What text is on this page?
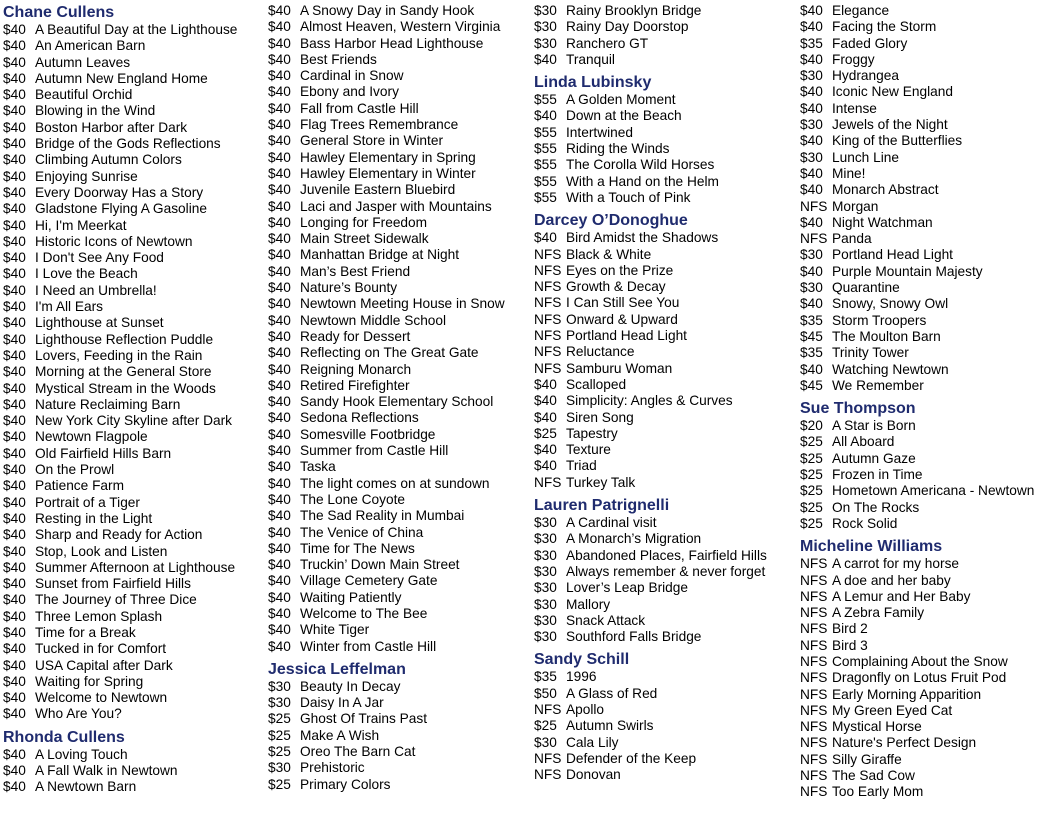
Chane Cullens
$40 A Beautiful Day at the Lighthouse
$40 An American Barn
$40 Autumn Leaves
$40 Autumn New England Home
$40 Beautiful Orchid
$40 Blowing in the Wind
$40 Boston Harbor after Dark
$40 Bridge of the Gods Reflections
$40 Climbing Autumn Colors
$40 Enjoying Sunrise
$40 Every Doorway Has a Story
$40 Gladstone Flying A Gasoline
$40 Hi, I'm Meerkat
$40 Historic Icons of Newtown
$40 I Don't See Any Food
$40 I Love the Beach
$40 I Need an Umbrella!
$40 I'm All Ears
$40 Lighthouse at Sunset
$40 Lighthouse Reflection Puddle
$40 Lovers, Feeding in the Rain
$40 Morning at the General Store
$40 Mystical Stream in the Woods
$40 Nature Reclaiming Barn
$40 New York City Skyline after Dark
$40 Newtown Flagpole
$40 Old Fairfield Hills Barn
$40 On the Prowl
$40 Patience Farm
$40 Portrait of a Tiger
$40 Resting in the Light
$40 Sharp and Ready for Action
$40 Stop, Look and Listen
$40 Summer Afternoon at Lighthouse
$40 Sunset from Fairfield Hills
$40 The Journey of Three Dice
$40 Three Lemon Splash
$40 Time for a Break
$40 Tucked in for Comfort
$40 USA Capital after Dark
$40 Waiting for Spring
$40 Welcome to Newtown
$40 Who Are You?
Rhonda Cullens
$40 A Loving Touch
$40 A Fall Walk in Newtown
$40 A Newtown Barn
$40 A Snowy Day in Sandy Hook
$40 Almost Heaven, Western Virginia
$40 Bass Harbor Head Lighthouse
$40 Best Friends
$40 Cardinal in Snow
$40 Ebony and Ivory
$40 Fall from Castle Hill
$40 Flag Trees Remembrance
$40 General Store in Winter
$40 Hawley Elementary in Spring
$40 Hawley Elementary in Winter
$40 Juvenile Eastern Bluebird
$40 Laci and Jasper with Mountains
$40 Longing for Freedom
$40 Main Street Sidewalk
$40 Manhattan Bridge at Night
$40 Man’s Best Friend
$40 Nature’s Bounty
$40 Newtown Meeting House in Snow
$40 Newtown Middle School
$40 Ready for Dessert
$40 Reflecting on The Great Gate
$40 Reigning Monarch
$40 Retired Firefighter
$40 Sandy Hook Elementary School
$40 Sedona Reflections
$40 Somesville Footbridge
$40 Summer from Castle Hill
$40 Taska
$40 The light comes on at sundown
$40 The Lone Coyote
$40 The Sad Reality in Mumbai
$40 The Venice of China
$40 Time for The News
$40 Truckin’ Down Main Street
$40 Village Cemetery Gate
$40 Waiting Patiently
$40 Welcome to The Bee
$40 White Tiger
$40 Winter from Castle Hill
Jessica Leffelman
$30 Beauty In Decay
$30 Daisy In A Jar
$25 Ghost Of Trains Past
$25 Make A Wish
$25 Oreo The Barn Cat
$30 Prehistoric
$25 Primary Colors
$30 Rainy Brooklyn Bridge
$30 Rainy Day Doorstop
$30 Ranchero GT
$40 Tranquil
Linda Lubinsky
$55 A Golden Moment
$40 Down at the Beach
$55 Intertwined
$55 Riding the Winds
$55 The Corolla Wild Horses
$55 With a Hand on the Helm
$55 With a Touch of Pink
Darcey O’Donoghue
$40 Bird Amidst the Shadows
NFS Black & White
NFS Eyes on the Prize
NFS Growth & Decay
NFS I Can Still See You
NFS Onward & Upward
NFS Portland Head Light
NFS Reluctance
NFS Samburu Woman
$40 Scalloped
$40 Simplicity: Angles & Curves
$40 Siren Song
$25 Tapestry
$40 Texture
$40 Triad
NFS Turkey Talk
Lauren Patrignelli
$30 A Cardinal visit
$30 A Monarch’s Migration
$30 Abandoned Places, Fairfield Hills
$30 Always remember & never forget
$30 Lover’s Leap Bridge
$30 Mallory
$30 Snack Attack
$30 Southford Falls Bridge
Sandy Schill
$35 1996
$50 A Glass of Red
NFS Apollo
$25 Autumn Swirls
$30 Cala Lily
NFS Defender of the Keep
NFS Donovan
$40 Elegance
$40 Facing the Storm
$35 Faded Glory
$40 Froggy
$30 Hydrangea
$40 Iconic New England
$40 Intense
$30 Jewels of the Night
$40 King of the Butterflies
$30 Lunch Line
$40 Mine!
$40 Monarch Abstract
NFS Morgan
$40 Night Watchman
NFS Panda
$30 Portland Head Light
$40 Purple Mountain Majesty
$30 Quarantine
$40 Snowy, Snowy Owl
$35 Storm Troopers
$45 The Moulton Barn
$35 Trinity Tower
$40 Watching Newtown
$45 We Remember
Sue Thompson
$20 A Star is Born
$25 All Aboard
$25 Autumn Gaze
$25 Frozen in Time
$25 Hometown Americana - Newtown
$25 On The Rocks
$25 Rock Solid
Micheline Williams
NFS A carrot for my horse
NFS A doe and her baby
NFS A Lemur and Her Baby
NFS A Zebra Family
NFS Bird 2
NFS Bird 3
NFS Complaining About the Snow
NFS Dragonfly on Lotus Fruit Pod
NFS Early Morning Apparition
NFS My Green Eyed Cat
NFS Mystical Horse
NFS Nature's Perfect Design
NFS Silly Giraffe
NFS The Sad Cow
NFS Too Early Mom
